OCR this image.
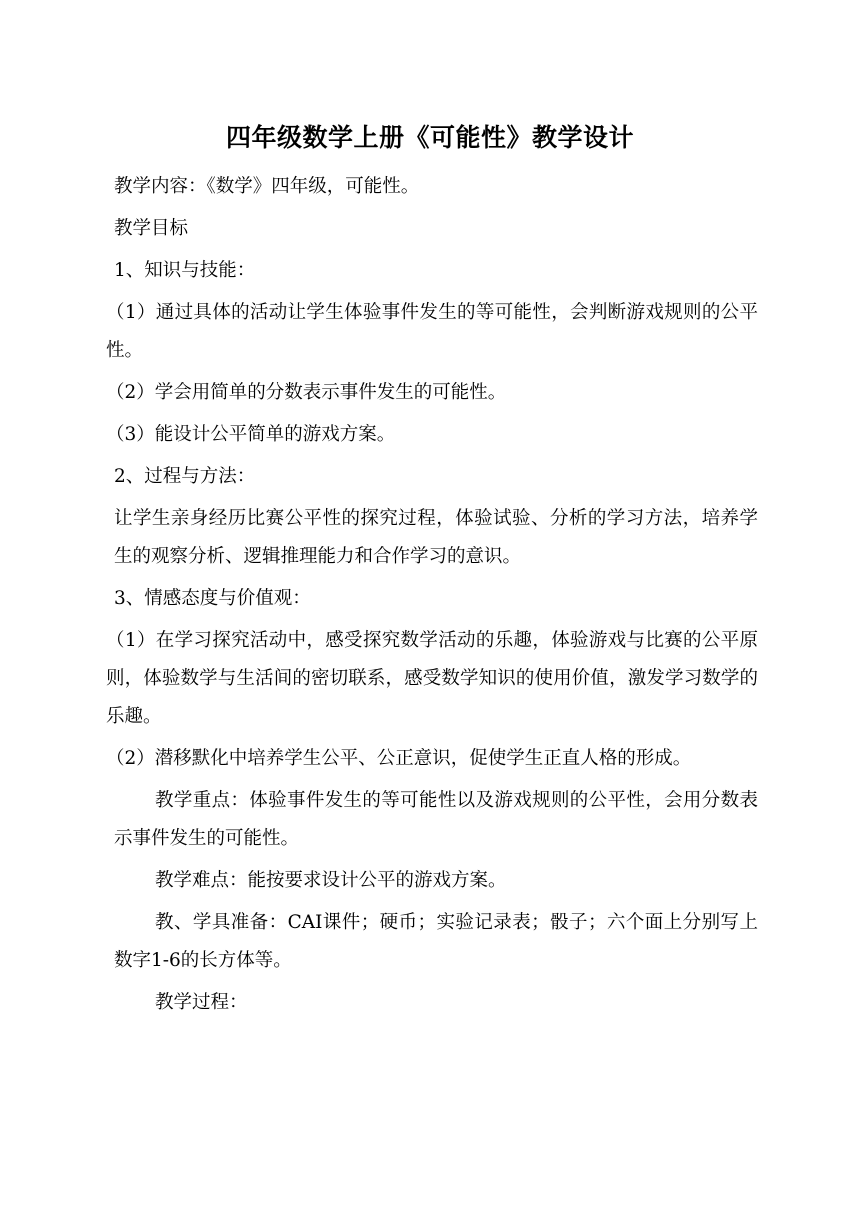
四年级数学上册《可能性》教学设计

教学内容：《数学》四年级，可能性。

教学目标

1、知识与技能：

（1）通过具体的活动让学生体验事件发生的等可能性，会判断游戏规则的公平性。

（2）学会用简单的分数表示事件发生的可能性。

（3）能设计公平简单的游戏方案。

2、过程与方法：

让学生亲身经历比赛公平性的探究过程，体验试验、分析的学习方法，培养学生的观察分析、逻辑推理能力和合作学习的意识。

3、情感态度与价值观：

（1）在学习探究活动中，感受探究数学活动的乐趣，体验游戏与比赛的公平原则，体验数学与生活间的密切联系，感受数学知识的使用价值，激发学习数学的乐趣。

（2）潜移默化中培养学生公平、公正意识，促使学生正直人格的形成。

教学重点：体验事件发生的等可能性以及游戏规则的公平性，会用分数表示事件发生的可能性。

教学难点：能按要求设计公平的游戏方案。

教、学具准备：CAI课件；硬币；实验记录表；骰子；六个面上分别写上数字1-6的长方体等。

教学过程：
